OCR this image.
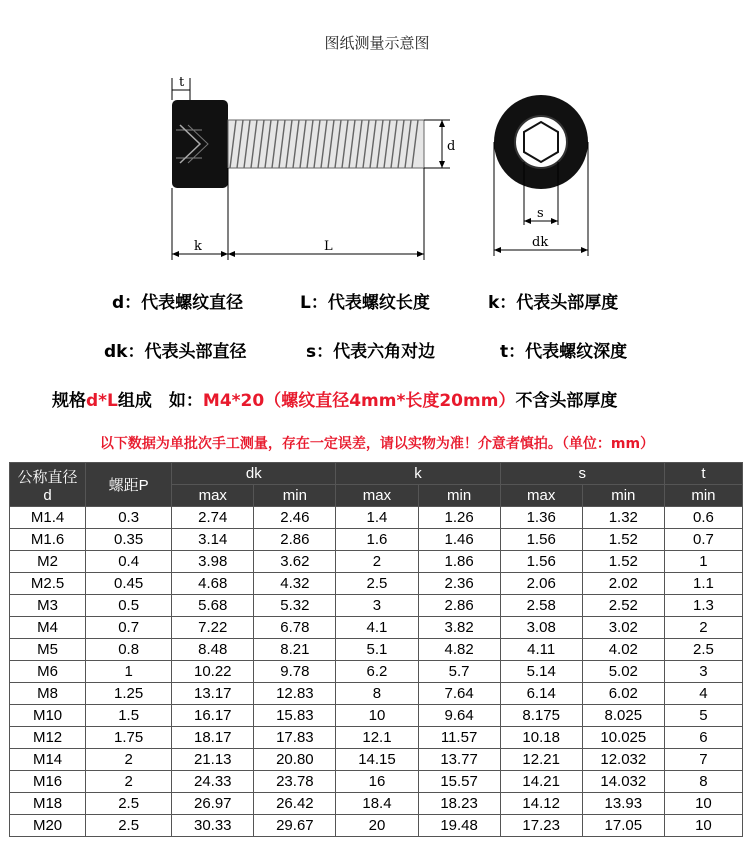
图纸测量示意图
t
d
k	L
s
dk
d：代表螺纹直径	L：代表螺纹长度	k：代表头部厚度
dk：代表头部直径	s：代表六角对边	t：代表螺纹深度
规格d*L组成　如：M4*20（螺纹直径4mm*长度20mm）不含头部厚度
以下数据为单批次手工测量，存在一定误差，请以实物为准！介意者慎拍。（单位：mm）
公称直径
d	螺距P	dk		k		s		t
		max	min	max	min	max	min	min
M1.4	0.3	2.74	2.46	1.4	1.26	1.36	1.32	0.6
M1.6	0.35	3.14	2.86	1.6	1.46	1.56	1.52	0.7
M2	0.4	3.98	3.62	2	1.86	1.56	1.52	1
M2.5	0.45	4.68	4.32	2.5	2.36	2.06	2.02	1.1
M3	0.5	5.68	5.32	3	2.86	2.58	2.52	1.3
M4	0.7	7.22	6.78	4.1	3.82	3.08	3.02	2
M5	0.8	8.48	8.21	5.1	4.82	4.11	4.02	2.5
M6	1	10.22	9.78	6.2	5.7	5.14	5.02	3
M8	1.25	13.17	12.83	8	7.64	6.14	6.02	4
M10	1.5	16.17	15.83	10	9.64	8.175	8.025	5
M12	1.75	18.17	17.83	12.1	11.57	10.18	10.025	6
M14	2	21.13	20.80	14.15	13.77	12.21	12.032	7
M16	2	24.33	23.78	16	15.57	14.21	14.032	8
M18	2.5	26.97	26.42	18.4	18.23	14.12	13.93	10
M20	2.5	30.33	29.67	20	19.48	17.23	17.05	10
